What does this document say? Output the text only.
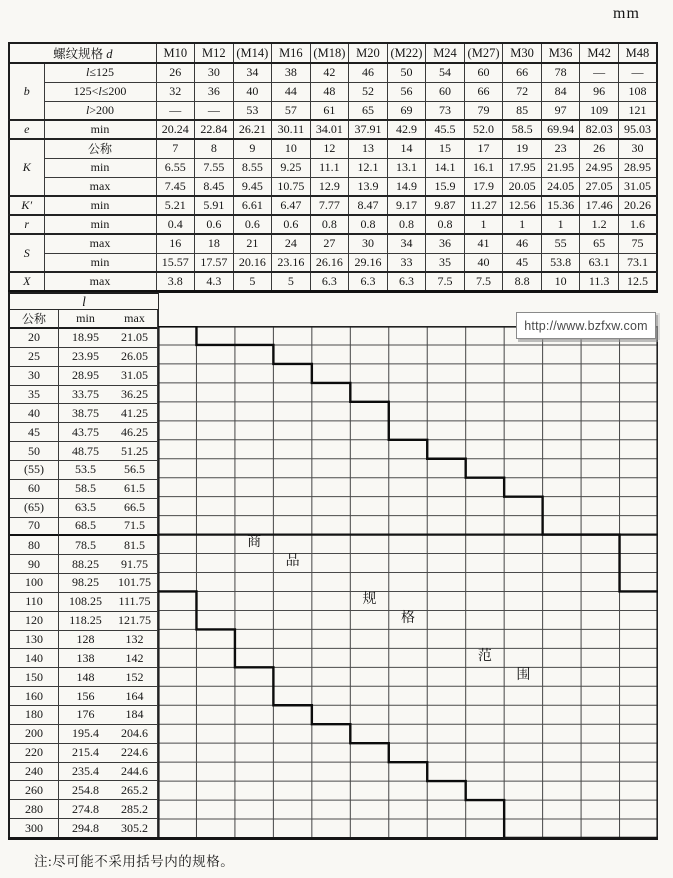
mm
螺纹规格 d		M10	M12	(M14)	M16	(M18)	M20	(M22)	M24	(M27)	M30	M36	M42	M48
b	l≤125	26	30	34	38	42	46	50	54	60	66	78	—	—
	125<l≤200	32	36	40	44	48	52	56	60	66	72	84	96	108
	l>200	—	—	53	57	61	65	69	73	79	85	97	109	121
e	min	20.24	22.84	26.21	30.11	34.01	37.91	42.9	45.5	52.0	58.5	69.94	82.03	95.03
K	公称	7	8	9	10	12	13	14	15	17	19	23	26	30
	min	6.55	7.55	8.55	9.25	11.1	12.1	13.1	14.1	16.1	17.95	21.95	24.95	28.95
	max	7.45	8.45	9.45	10.75	12.9	13.9	14.9	15.9	17.9	20.05	24.05	27.05	31.05
K′	min	5.21	5.91	6.61	6.47	7.77	8.47	9.17	9.87	11.27	12.56	15.36	17.46	20.26
r	min	0.4	0.6	0.6	0.6	0.8	0.8	0.8	0.8	1	1	1	1.2	1.6
S	max	16	18	21	24	27	30	34	36	41	46	55	65	75
	min	15.57	17.57	20.16	23.16	26.16	29.16	33	35	40	45	53.8	63.1	73.1
X	max	3.8	4.3	5	5	6.3	6.3	6.3	7.5	7.5	8.8	10	11.3	12.5
l
公称	min	max
20	18.95	21.05
25	23.95	26.05
30	28.95	31.05
35	33.75	36.25
40	38.75	41.25
45	43.75	46.25
50	48.75	51.25
(55)	53.5	56.5
60	58.5	61.5
(65)	63.5	66.5
70	68.5	71.5
80	78.5	81.5
90	88.25	91.75
100	98.25	101.75
110	108.25	111.75
120	118.25	121.75
130	128	132
140	138	142
150	148	152
160	156	164
180	176	184
200	195.4	204.6
220	215.4	224.6
240	235.4	244.6
260	254.8	265.2
280	274.8	285.2
300	294.8	305.2
商
品
规
格
范
围
http://www.bzfxw.com
注:尽可能不采用括号内的规格。
